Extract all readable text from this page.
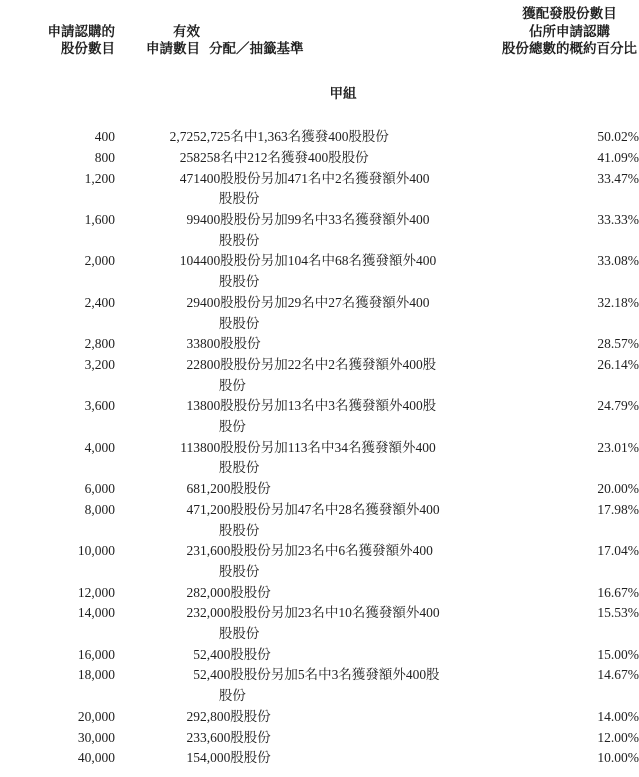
申請認購的
股份數目

有效
申請數目	分配／抽籤基準

獲配發股份數目
佔所申請認購
股份總數的概約百分比

甲組			
400	2,725	2,725名中1,363名獲發400股股份	50.02%
800	258	258名中212名獲發400股股份	41.09%
1,200	471	400股股份另加471名中2名獲發額外400
股股份	33.47%
1,600	99	400股股份另加99名中33名獲發額外400
股股份	33.33%
2,000	104	400股股份另加104名中68名獲發額外400
股股份	33.08%
2,400	29	400股股份另加29名中27名獲發額外400
股股份	32.18%
2,800	33	800股股份	28.57%
3,200	22	800股股份另加22名中2名獲發額外400股
股份	26.14%
3,600	13	800股股份另加13名中3名獲發額外400股
股份	24.79%
4,000	113	800股股份另加113名中34名獲發額外400
股股份	23.01%
6,000	68	1,200股股份	20.00%
8,000	47	1,200股股份另加47名中28名獲發額外400
股股份	17.98%
10,000	23	1,600股股份另加23名中6名獲發額外400
股股份	17.04%
12,000	28	2,000股股份	16.67%
14,000	23	2,000股股份另加23名中10名獲發額外400
股股份	15.53%
16,000	5	2,400股股份	15.00%
18,000	5	2,400股股份另加5名中3名獲發額外400股
股份	14.67%
20,000	29	2,800股股份	14.00%
30,000	23	3,600股股份	12.00%
40,000	15	4,000股股份	10.00%
